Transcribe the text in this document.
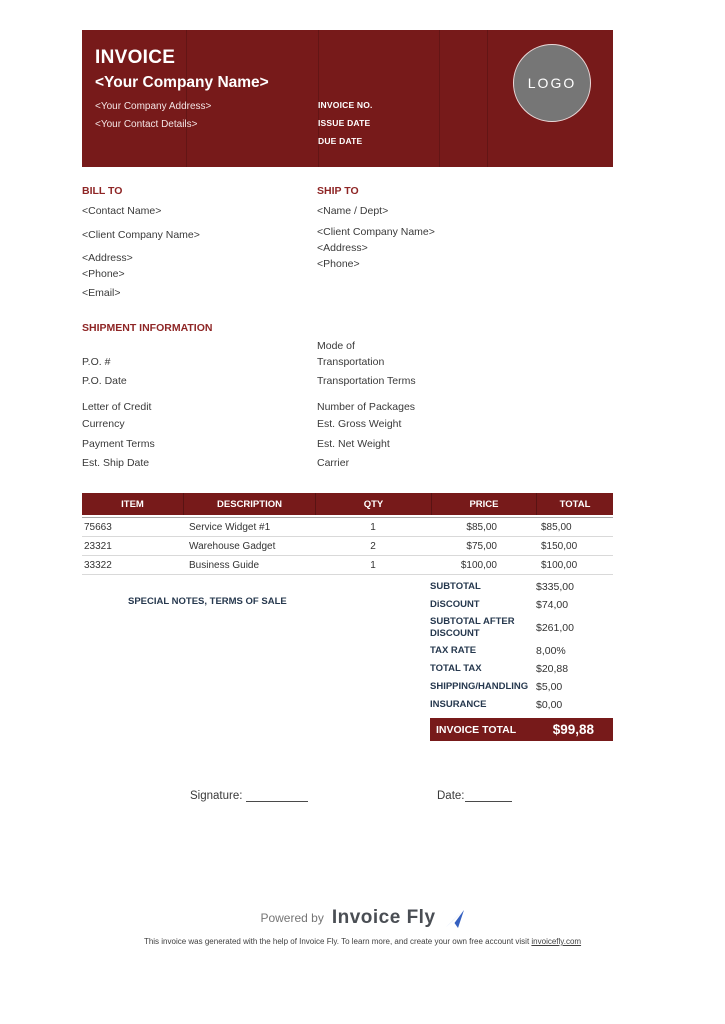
INVOICE
<Your Company Name>
<Your Company Address>
<Your Contact Details>
INVOICE NO.
ISSUE DATE
DUE DATE
LOGO
BILL TO
<Contact Name>
<Client Company Name>
<Address>
<Phone>
<Email>
SHIP TO
<Name / Dept>
<Client Company Name>
<Address>
<Phone>
SHIPMENT INFORMATION
P.O. #
Mode of Transportation
P.O. Date	Transportation Terms
Letter of Credit	Number of Packages
Currency	Est. Gross Weight
Payment Terms	Est. Net Weight
Est. Ship Date	Carrier
ITEM	DESCRIPTION	QTY	PRICE	TOTAL
75663	Service Widget #1	1	$85,00	$85,00
23321	Warehouse Gadget	2	$75,00	$150,00
33322	Business Guide	1	$100,00	$100,00
SPECIAL NOTES, TERMS OF SALE
SUBTOTAL	$335,00
DiSCOUNT	$74,00
SUBTOTAL AFTER DISCOUNT	$261,00
TAX RATE	8,00%
TOTAL TAX	$20,88
SHIPPING/HANDLING $5,00
INSURANCE	$0,00
INVOICE TOTAL	$99,88
Signature:	Date:
Powered by Invoice Fly
This invoice was generated with the help of Invoice Fly. To learn more, and create your own free account visit invoicefly.com
